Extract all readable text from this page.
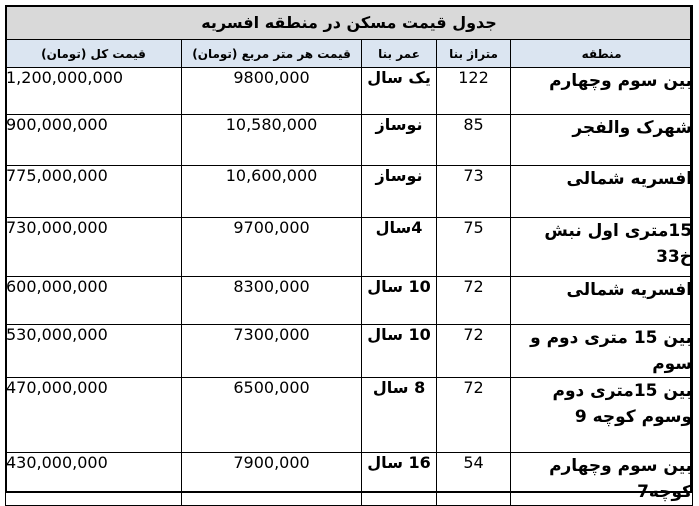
جدول قیمت مسکن در منطقه افسریه				
منطقه	متراژ بنا	عمر بنا	قیمت هر متر مربع (تومان)	قیمت کل (تومان)
بین سوم وچهارم	122	یک سال	9800,000	1,200,000,000
شهرک والفجر	85	نوساز	10,580,000	900,000,000
افسریه شمالی	73	نوساز	10,600,000	775,000,000
15متری اول نبش خ33	75	4سال	9700,000	730,000,000
افسریه شمالی	72	10 سال	8300,000	600,000,000
بین 15 متری دوم و سوم	72	10 سال	7300,000	530,000,000
بین 15متری دوم وسوم کوچه 9	72	8 سال	6500,000	470,000,000
بین سوم وچهارم کوچه7	54	16 سال	7900,000	430,000,000
